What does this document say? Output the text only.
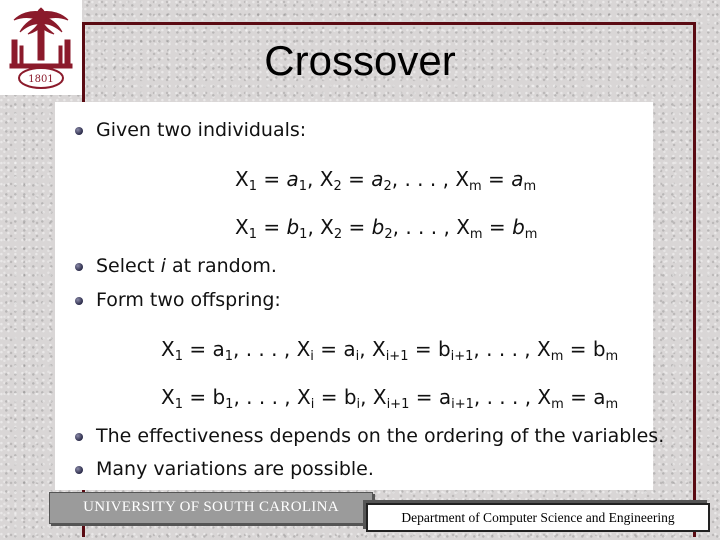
1801	Crossover
Given two individuals:
$X_1 = a_1$, $X_2 = a_2$, . . . , $X_m = a_m$
$X_1 = b_1$, $X_2 = b_2$, . . . , $X_m = b_m$
Select i at random.
Form two offspring:
$X_1 = a_1$, . . . , $X_i = a_i$, $X_{i+1} = b_{i+1}$, . . . , $X_m = b_m$
$X_1 = b_1$, . . . , $X_i = b_i$, $X_{i+1} = a_{i+1}$, . . . , $X_m = a_m$
The effectiveness depends on the ordering of the variables.
Many variations are possible.
UNIVERSITY OF SOUTH CAROLINA
Department of Computer Science and Engineering
